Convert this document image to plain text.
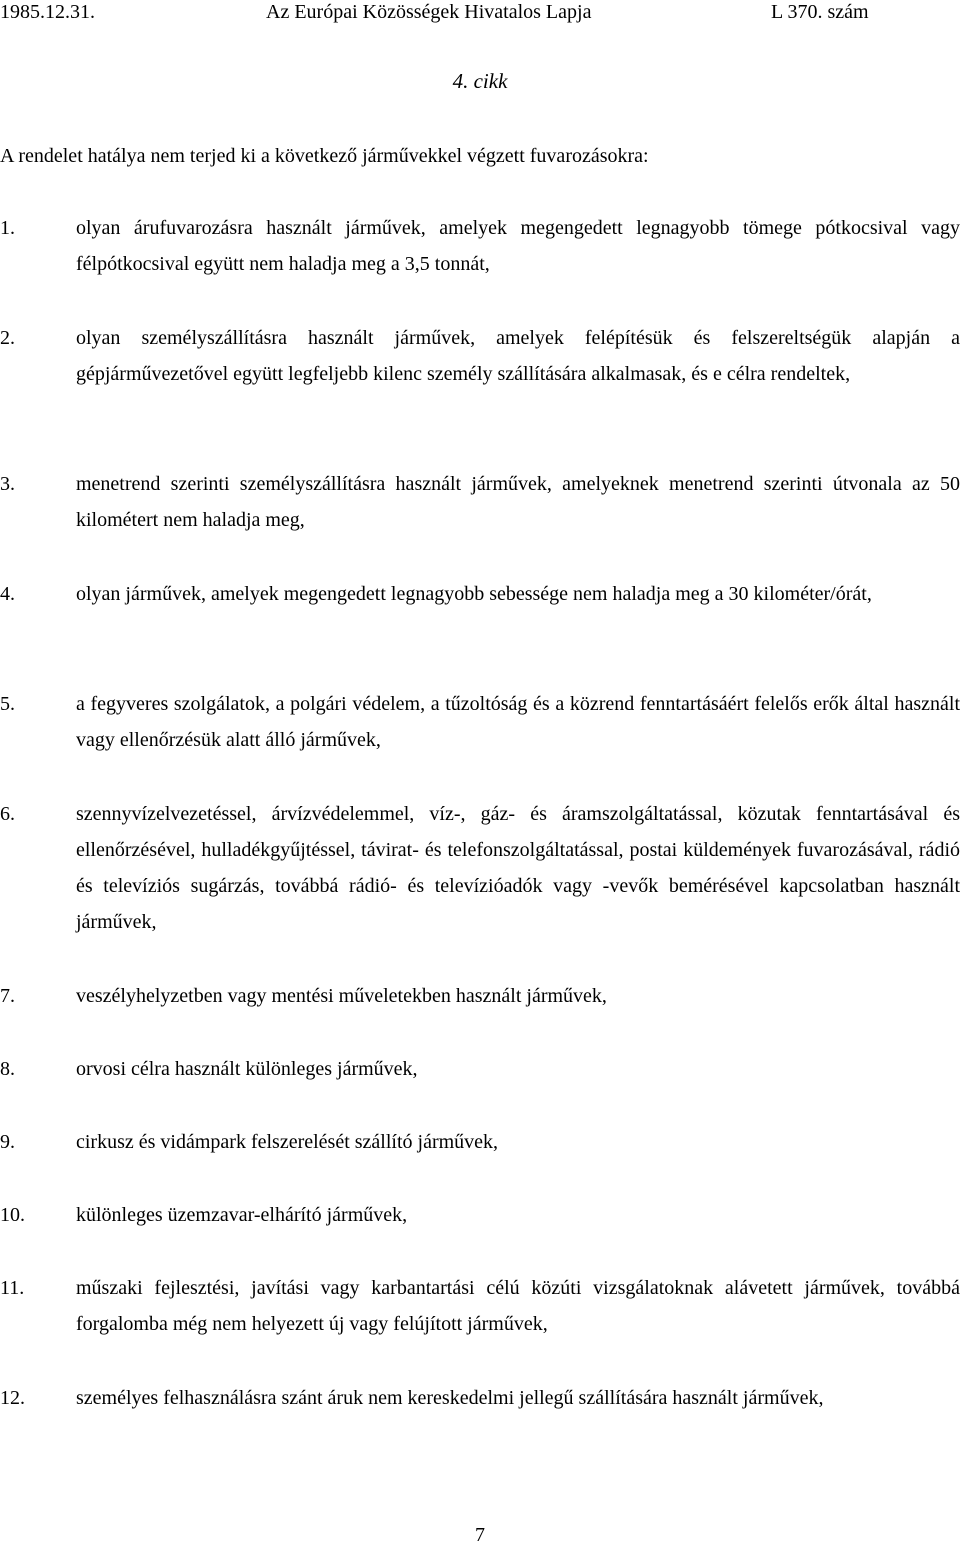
1985.12.31.	Az Európai Közösségek Hivatalos Lapja	L 370. szám
4. cikk
A rendelet hatálya nem terjed ki a következő járművekkel végzett fuvarozásokra:
1.	olyan árufuvarozásra használt járművek, amelyek megengedett legnagyobb tömege pótkocsival vagy félpótkocsival együtt nem haladja meg a 3,5 tonnát,
2.	olyan személyszállításra használt járművek, amelyek felépítésük és felszereltségük alapján a gépjárművezetővel együtt legfeljebb kilenc személy szállítására alkalmasak, és e célra rendeltek,
3.	menetrend szerinti személyszállításra használt járművek, amelyeknek menetrend szerinti útvonala az 50 kilométert nem haladja meg,
4.	olyan járművek, amelyek megengedett legnagyobb sebessége nem haladja meg a 30 kilométer/órát,
5.	a fegyveres szolgálatok, a polgári védelem, a tűzoltóság és a közrend fenntartásáért felelős erők által használt vagy ellenőrzésük alatt álló járművek,
6.	szennyvízelvezetéssel, árvízvédelemmel, víz-, gáz- és áramszolgáltatással, közutak fenntartásával és ellenőrzésével, hulladékgyűjtéssel, távirat- és telefonszolgáltatással, postai küldemények fuvarozásával, rádió és televíziós sugárzás, továbbá rádió- és televízióadók vagy -vevők bemérésével kapcsolatban használt járművek,
7.	veszélyhelyzetben vagy mentési műveletekben használt járművek,
8.	orvosi célra használt különleges járművek,
9.	cirkusz és vidámpark felszerelését szállító járművek,
10.	különleges üzemzavar-elhárító járművek,
11.	műszaki fejlesztési, javítási vagy karbantartási célú közúti vizsgálatoknak alávetett járművek, továbbá forgalomba még nem helyezett új vagy felújított járművek,
12.	személyes felhasználásra szánt áruk nem kereskedelmi jellegű szállítására használt járművek,
7
